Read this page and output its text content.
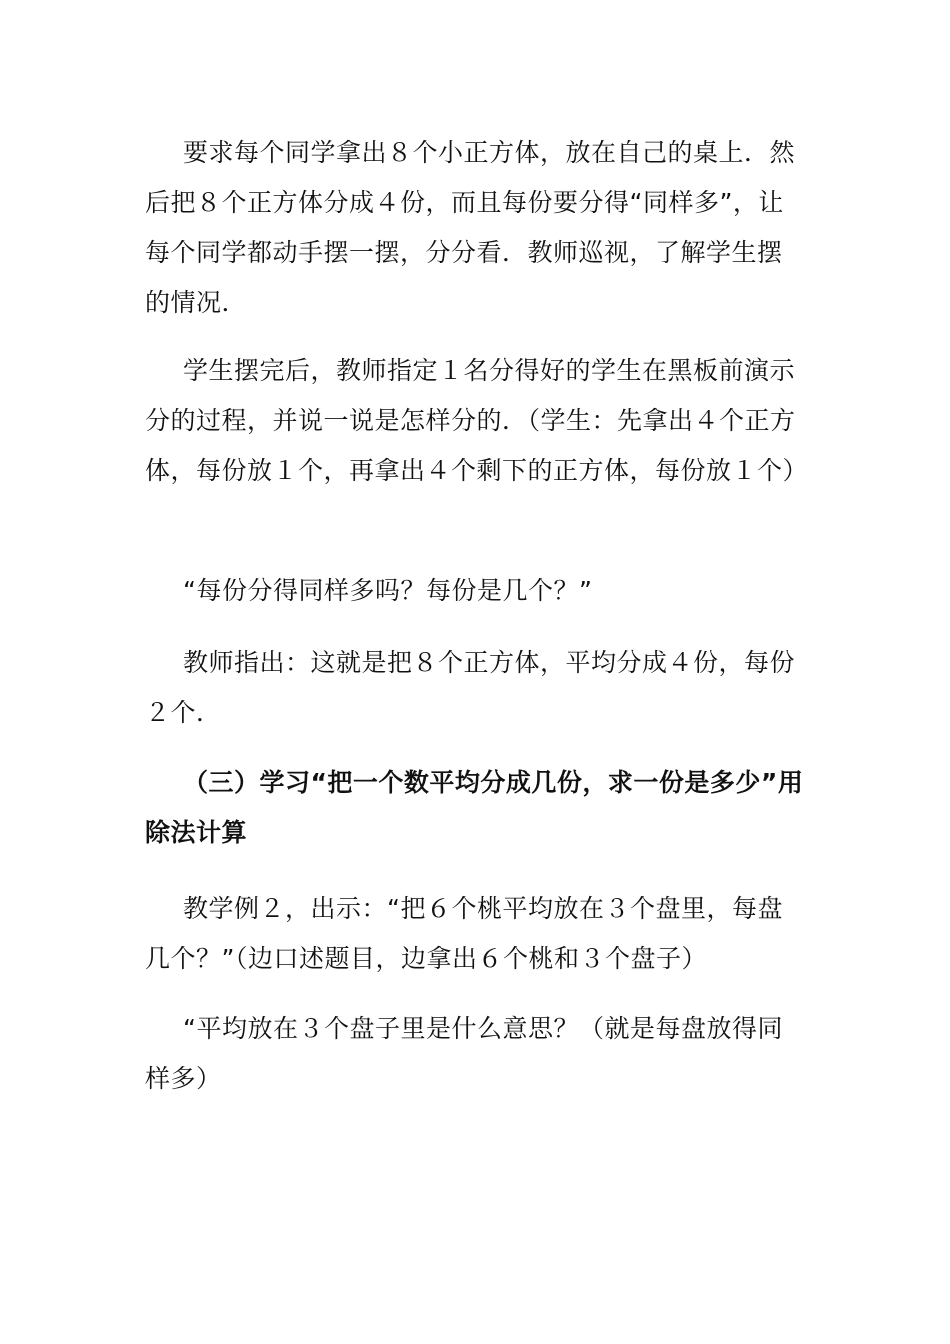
要求每个同学拿出８个小正方体，放在自己的桌上．然后把８个正方体分成４份，而且每份要分得“同样多”，让每个同学都动手摆一摆，分分看．教师巡视，了解学生摆的情况．

学生摆完后，教师指定１名分得好的学生在黑板前演示分的过程，并说一说是怎样分的．（学生：先拿出４个正方体，每份放１个，再拿出４个剩下的正方体，每份放１个）

“每份分得同样多吗？每份是几个？”

教师指出：这就是把８个正方体，平均分成４份，每份２个．

（三）学习“把一个数平均分成几份，求一份是多少”用除法计算

教学例２，出示：“把６个桃平均放在３个盘里，每盘几个？”（边口述题目，边拿出６个桃和３个盘子）

“平均放在３个盘子里是什么意思？（就是每盘放得同样多）
